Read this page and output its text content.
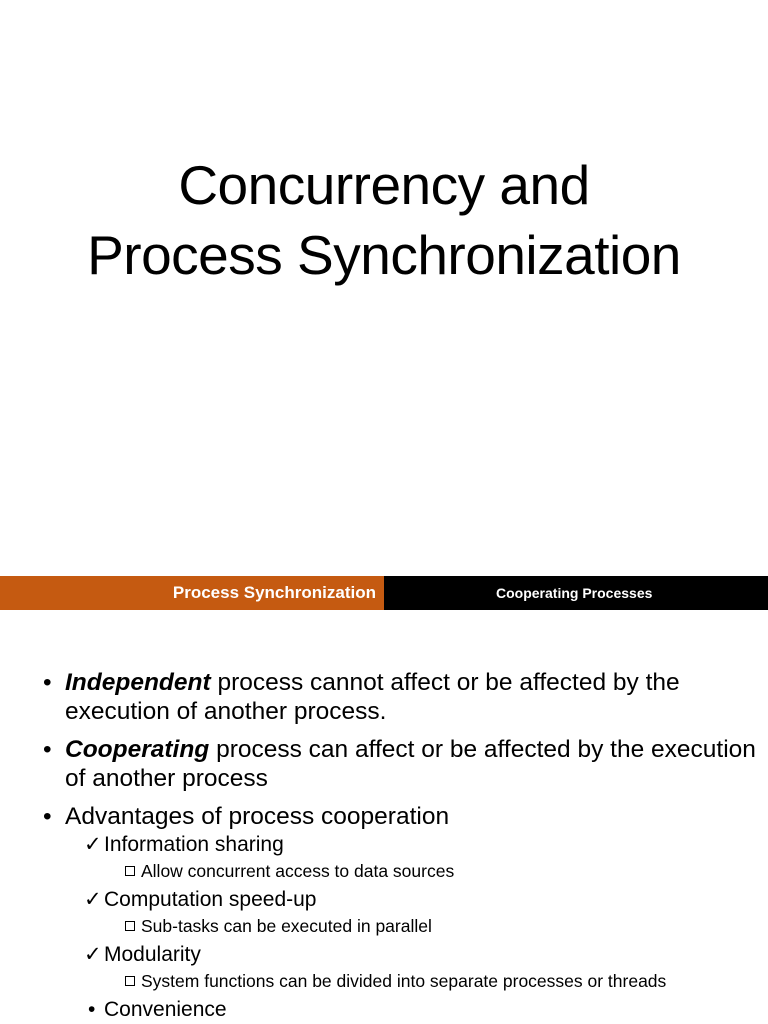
Concurrency and
Process Synchronization
Process Synchronization	Cooperating Processes
• Independent process cannot affect or be affected by the execution of another process.
• Cooperating process can affect or be affected by the execution of another process
• Advantages of process cooperation
✓ Information sharing
Allow concurrent access to data sources
✓ Computation speed-up
Sub-tasks can be executed in parallel
✓ Modularity
System functions can be divided into separate processes or threads
• Convenience
